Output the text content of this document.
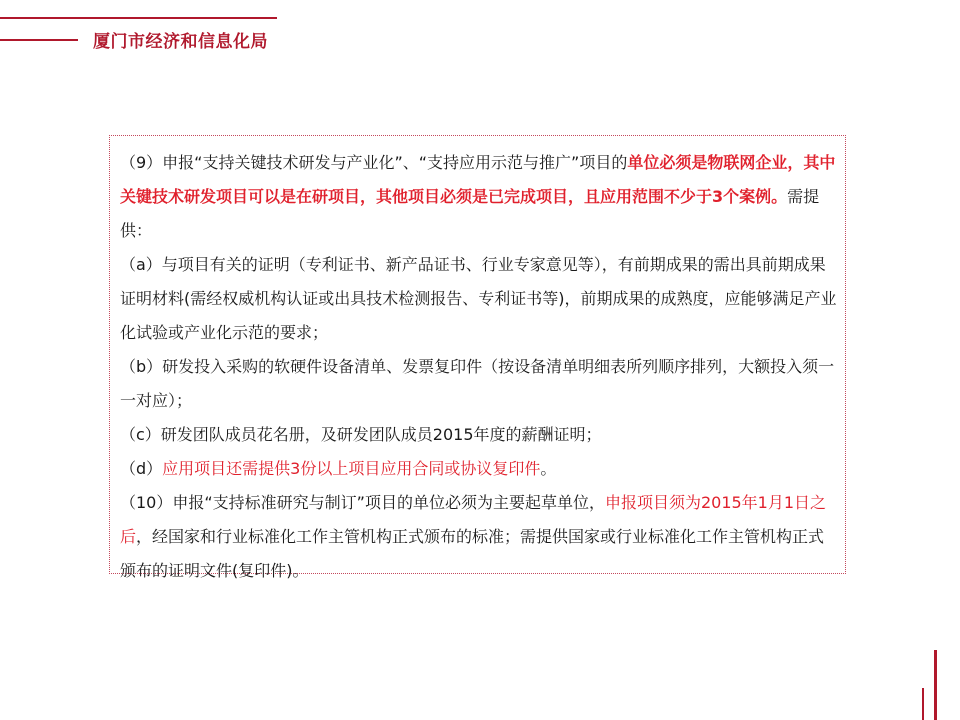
厦门市经济和信息化局

（9）申报“支持关键技术研发与产业化”、“支持应用示范与推广”项目的单位必须是物联网企业，其中关键技术研发项目可以是在研项目，其他项目必须是已完成项目，且应用范围不少于3个案例。需提供：

（a）与项目有关的证明（专利证书、新产品证书、行业专家意见等），有前期成果的需出具前期成果证明材料(需经权威机构认证或出具技术检测报告、专利证书等)，前期成果的成熟度，应能够满足产业化试验或产业化示范的要求；

（b）研发投入采购的软硬件设备清单、发票复印件（按设备清单明细表所列顺序排列，大额投入须一一对应）；

（c）研发团队成员花名册，及研发团队成员2015年度的薪酬证明；

（d）应用项目还需提供3份以上项目应用合同或协议复印件。

（10）申报“支持标准研究与制订”项目的单位必须为主要起草单位，申报项目须为2015年1月1日之后，经国家和行业标准化工作主管机构正式颁布的标准；需提供国家或行业标准化工作主管机构正式颁布的证明文件(复印件)。
